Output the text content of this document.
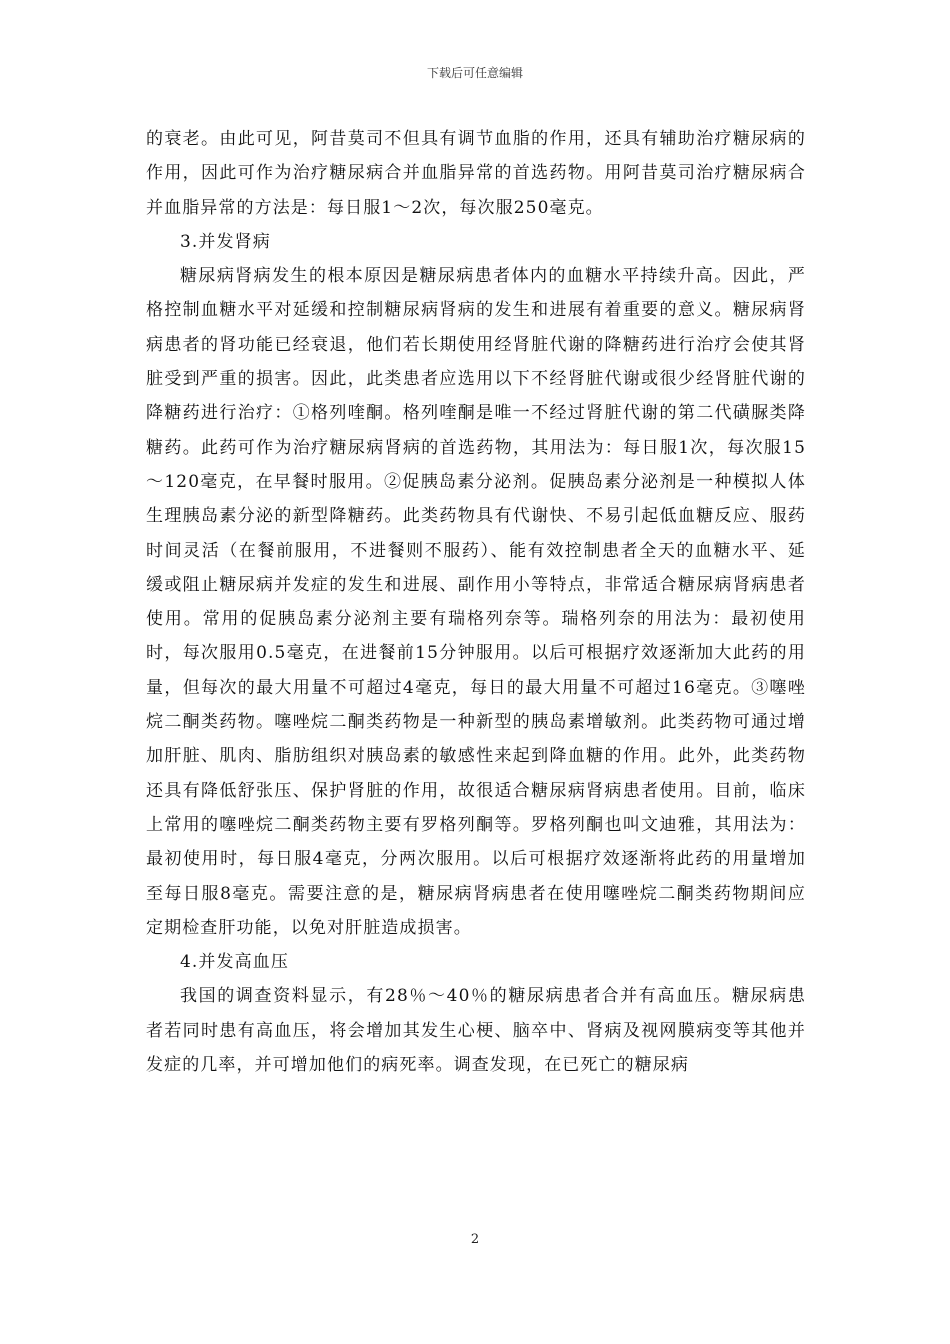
下载后可任意编辑

的衰老。由此可见，阿昔莫司不但具有调节血脂的作用，还具有辅助治疗糖尿病的作用，因此可作为治疗糖尿病合并血脂异常的首选药物。用阿昔莫司治疗糖尿病合并血脂异常的方法是：每日服1～2次，每次服250毫克。

3.并发肾病

糖尿病肾病发生的根本原因是糖尿病患者体内的血糖水平持续升高。因此，严格控制血糖水平对延缓和控制糖尿病肾病的发生和进展有着重要的意义。糖尿病肾病患者的肾功能已经衰退，他们若长期使用经肾脏代谢的降糖药进行治疗会使其肾脏受到严重的损害。因此，此类患者应选用以下不经肾脏代谢或很少经肾脏代谢的降糖药进行治疗：①格列喹酮。格列喹酮是唯一不经过肾脏代谢的第二代磺脲类降糖药。此药可作为治疗糖尿病肾病的首选药物，其用法为：每日服1次，每次服15～120毫克，在早餐时服用。②促胰岛素分泌剂。促胰岛素分泌剂是一种模拟人体生理胰岛素分泌的新型降糖药。此类药物具有代谢快、不易引起低血糖反应、服药时间灵活（在餐前服用，不进餐则不服药）、能有效控制患者全天的血糖水平、延缓或阻止糖尿病并发症的发生和进展、副作用小等特点，非常适合糖尿病肾病患者使用。常用的促胰岛素分泌剂主要有瑞格列奈等。瑞格列奈的用法为：最初使用时，每次服用0.5毫克，在进餐前15分钟服用。以后可根据疗效逐渐加大此药的用量，但每次的最大用量不可超过4毫克，每日的最大用量不可超过16毫克。③噻唑烷二酮类药物。噻唑烷二酮类药物是一种新型的胰岛素增敏剂。此类药物可通过增加肝脏、肌肉、脂肪组织对胰岛素的敏感性来起到降血糖的作用。此外，此类药物还具有降低舒张压、保护肾脏的作用，故很适合糖尿病肾病患者使用。目前，临床上常用的噻唑烷二酮类药物主要有罗格列酮等。罗格列酮也叫文迪雅，其用法为：最初使用时，每日服4毫克，分两次服用。以后可根据疗效逐渐将此药的用量增加至每日服8毫克。需要注意的是，糖尿病肾病患者在使用噻唑烷二酮类药物期间应定期检查肝功能，以免对肝脏造成损害。

4.并发高血压

我国的调查资料显示，有28％～40％的糖尿病患者合并有高血压。糖尿病患者若同时患有高血压，将会增加其发生心梗、脑卒中、肾病及视网膜病变等其他并发症的几率，并可增加他们的病死率。调查发现，在已死亡的糖尿病

2
